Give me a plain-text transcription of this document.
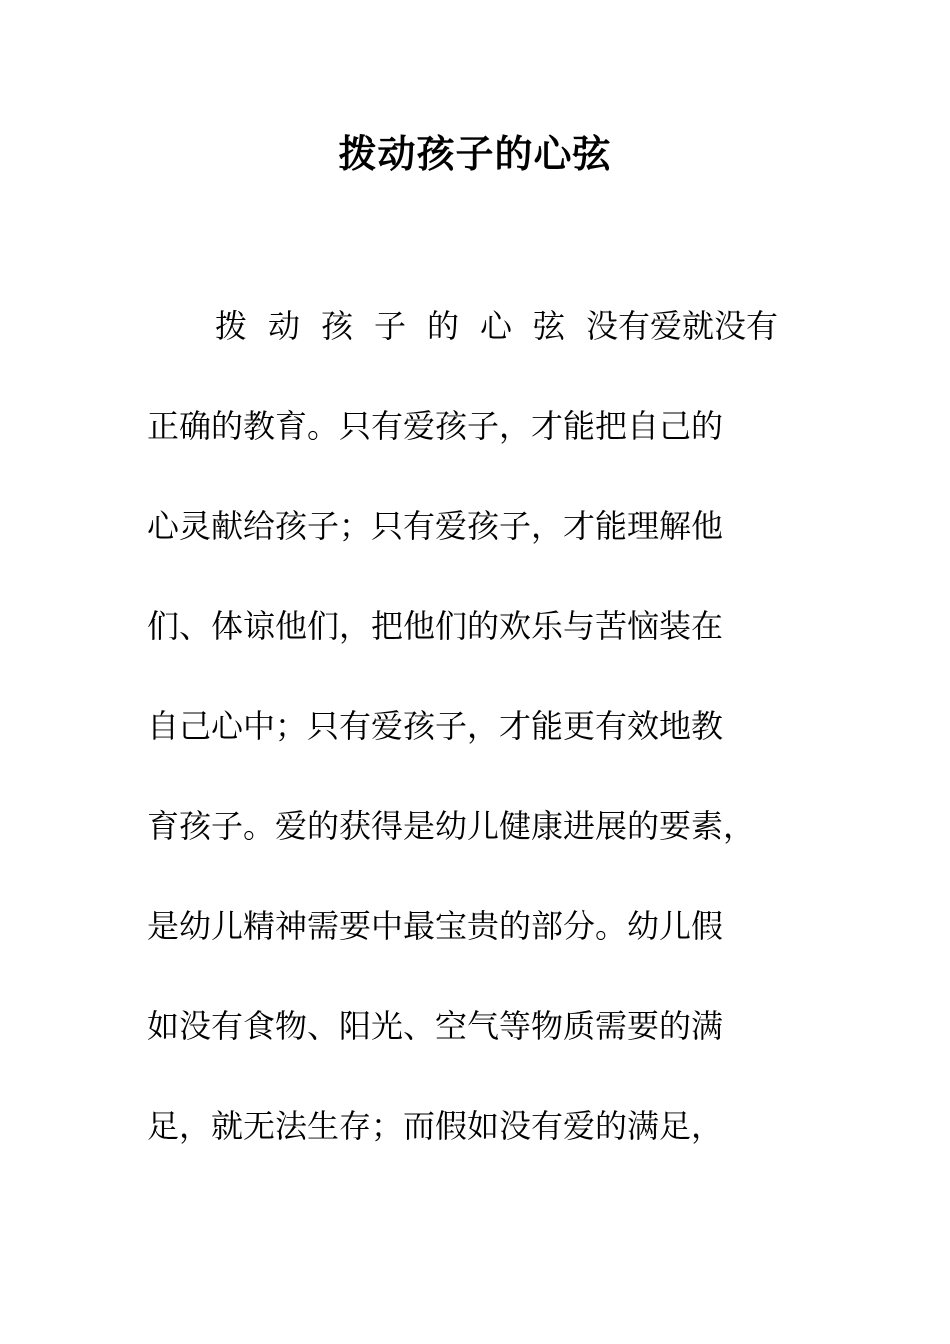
拨动孩子的心弦
拨动孩子的心弦没有爱就没有
正确的教育。只有爱孩子，才能把自己的
心灵献给孩子；只有爱孩子，才能理解他
们、体谅他们，把他们的欢乐与苦恼装在
自己心中；只有爱孩子，才能更有效地教
育孩子。爱的获得是幼儿健康进展的要素，
是幼儿精神需要中最宝贵的部分。幼儿假
如没有食物、阳光、空气等物质需要的满
足，就无法生存；而假如没有爱的满足，
